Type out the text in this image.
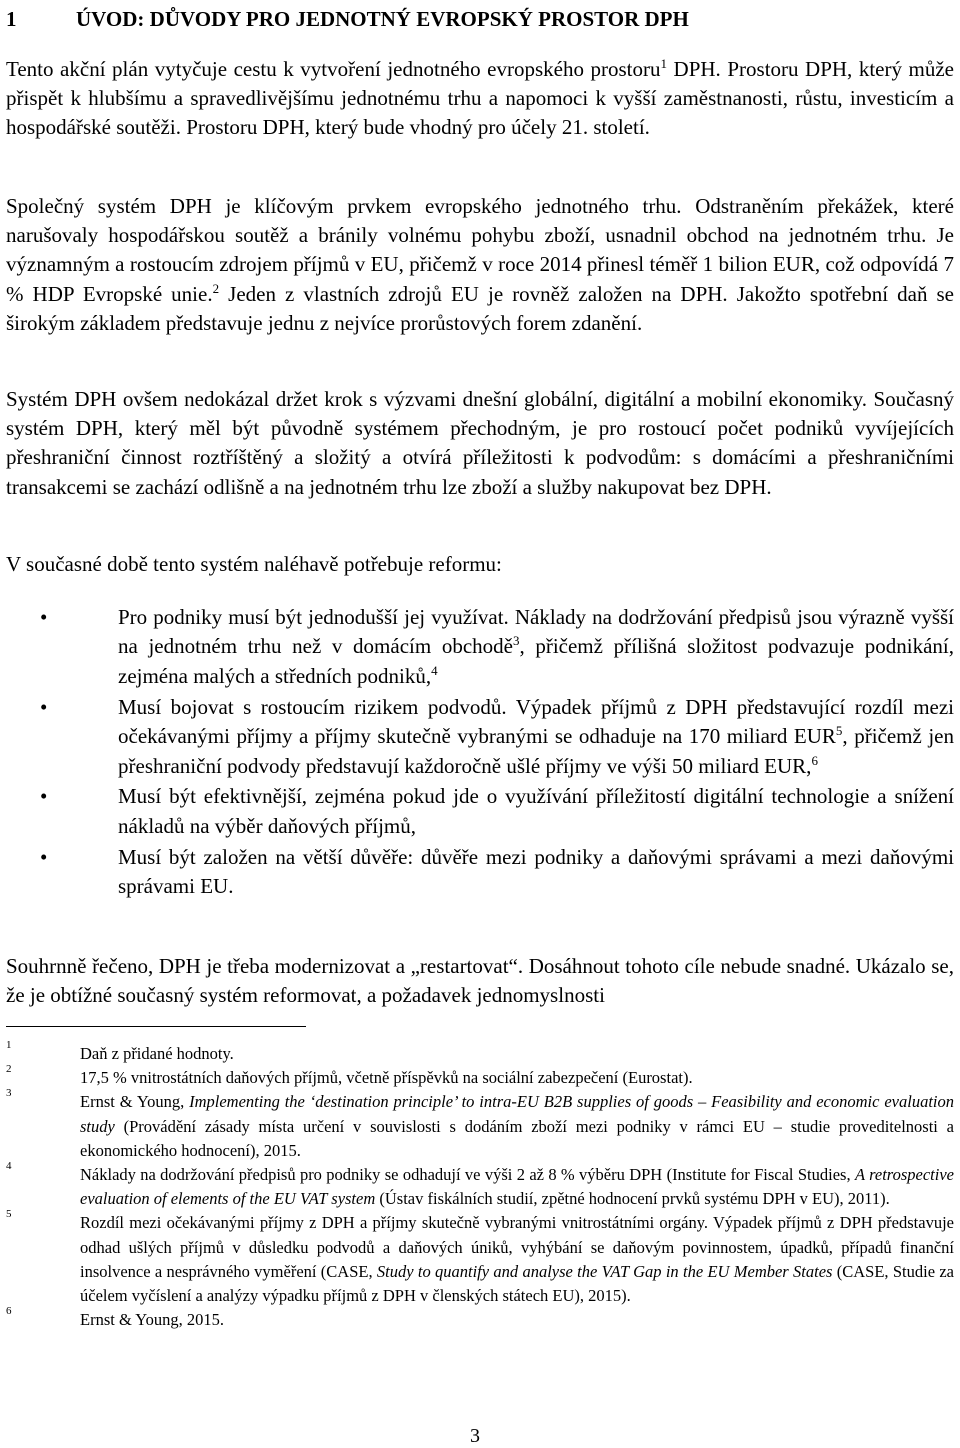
1	ÚVOD: DŮVODY PRO JEDNOTNÝ EVROPSKÝ PROSTOR DPH

Tento akční plán vytyčuje cestu k vytvoření jednotného evropského prostoru$^1$ DPH. Prostoru DPH, který může přispět k hlubšímu a spravedlivějšímu jednotnému trhu a napomoci k vyšší zaměstnanosti, růstu, investicím a hospodářské soutěži. Prostoru DPH, který bude vhodný pro účely 21. století.

Společný systém DPH je klíčovým prvkem evropského jednotného trhu. Odstraněním překážek, které narušovaly hospodářskou soutěž a bránily volnému pohybu zboží, usnadnil obchod na jednotném trhu. Je významným a rostoucím zdrojem příjmů v EU, přičemž v roce 2014 přinesl téměř 1 bilion EUR, což odpovídá 7 % HDP Evropské unie.$^2$ Jeden z vlastních zdrojů EU je rovněž založen na DPH. Jakožto spotřební daň se širokým základem představuje jednu z nejvíce prorůstových forem zdanění.

Systém DPH ovšem nedokázal držet krok s výzvami dnešní globální, digitální a mobilní ekonomiky. Současný systém DPH, který měl být původně systémem přechodným, je pro rostoucí počet podniků vyvíjejících přeshraniční činnost roztříštěný a složitý a otvírá příležitosti k podvodům: s domácími a přeshraničními transakcemi se zachází odlišně a na jednotném trhu lze zboží a služby nakupovat bez DPH.

V současné době tento systém naléhavě potřebuje reformu:

•	Pro podniky musí být jednodušší jej využívat. Náklady na dodržování předpisů jsou výrazně vyšší na jednotném trhu než v domácím obchodě$^3$, přičemž přílišná složitost podvazuje podnikání, zejména malých a středních podniků,$^4$
•	Musí bojovat s rostoucím rizikem podvodů. Výpadek příjmů z DPH představující rozdíl mezi očekávanými příjmy a příjmy skutečně vybranými se odhaduje na 170 miliard EUR$^5$, přičemž jen přeshraniční podvody představují každoročně ušlé příjmy ve výši 50 miliard EUR,$^6$
•	Musí být efektivnější, zejména pokud jde o využívání příležitostí digitální technologie a snížení nákladů na výběr daňových příjmů,
•	Musí být založen na větší důvěře: důvěře mezi podniky a daňovými správami a mezi daňovými správami EU.

Souhrnně řečeno, DPH je třeba modernizovat a „restartovat“. Dosáhnout tohoto cíle nebude snadné. Ukázalo se, že je obtížné současný systém reformovat, a požadavek jednomyslnosti

1	Daň z přidané hodnoty.
2	17,5 % vnitrostátních daňových příjmů, včetně příspěvků na sociální zabezpečení (Eurostat).
3	Ernst & Young, Implementing the ‘destination principle’ to intra-EU B2B supplies of goods – Feasibility and economic evaluation study (Provádění zásady místa určení v souvislosti s dodáním zboží mezi podniky v rámci EU – studie proveditelnosti a ekonomického hodnocení), 2015.
4	Náklady na dodržování předpisů pro podniky se odhadují ve výši 2 až 8 % výběru DPH (Institute for Fiscal Studies, A retrospective evaluation of elements of the EU VAT system (Ústav fiskálních studií, zpětné hodnocení prvků systému DPH v EU), 2011).
5	Rozdíl mezi očekávanými příjmy z DPH a příjmy skutečně vybranými vnitrostátními orgány. Výpadek příjmů z DPH představuje odhad ušlých příjmů v důsledku podvodů a daňových úniků, vyhýbání se daňovým povinnostem, úpadků, případů finanční insolvence a nesprávného vyměření (CASE, Study to quantify and analyse the VAT Gap in the EU Member States (CASE, Studie za účelem vyčíslení a analýzy výpadku příjmů z DPH v členských státech EU), 2015).
6	Ernst & Young, 2015.
3
